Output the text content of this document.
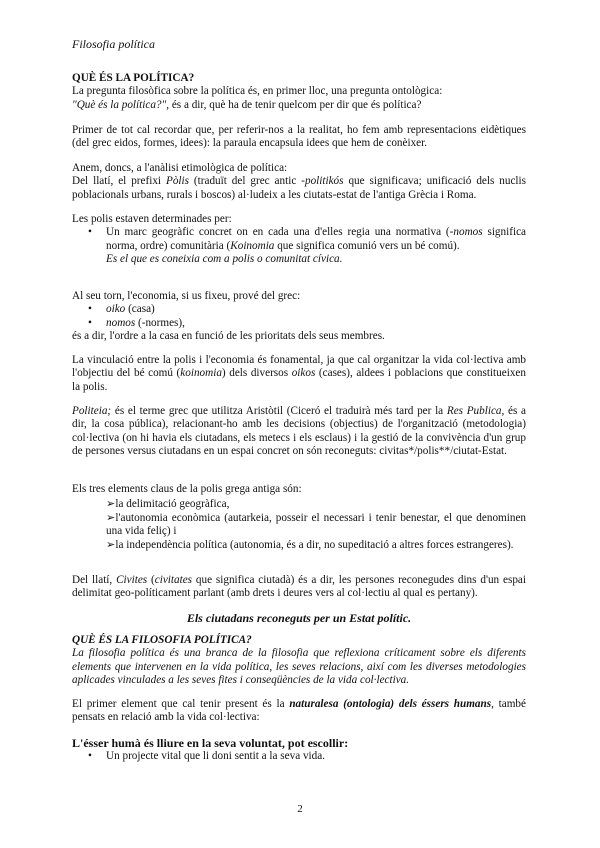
Filosofia política
QUÈ ÉS LA POLÍTICA?
La pregunta filosòfica sobre la política és, en primer lloc, una pregunta ontològica:
"Què és la política?", és a dir, què ha de tenir quelcom per dir que és política?
Primer de tot cal recordar que, per referir-nos a la realitat, ho fem amb representacions eidètiques (del grec eidos, formes, idees): la paraula encapsula idees que hem de conèixer.
Anem, doncs, a l'anàlisi etimològica de política:
Del llatí, el prefixi Pòlis (traduït del grec antic -politikós que significava; unificació dels nuclis poblacionals urbans, rurals i boscos) al·ludeix a les ciutats-estat de l'antiga Grècia i Roma.
Les polis estaven determinades per:
• Un marc geogràfic concret on en cada una d'elles regia una normativa (-nomos significa norma, ordre) comunitària (Koinomia que significa comunió vers un bé comú).
Es el que es coneixia com a polis o comunitat cívica.
Al seu torn, l'economia, si us fixeu, prové del grec:
• oiko (casa)
• nomos (-normes),
és a dir, l'ordre a la casa en funció de les prioritats dels seus membres.
La vinculació entre la polis i l'economia és fonamental, ja que cal organitzar la vida col·lectiva amb l'objectiu del bé comú (koinomia) dels diversos oikos (cases), aldees i poblacions que constitueixen la polis.
Politeia; és el terme grec que utilitza Aristòtil (Ciceró el traduirà més tard per la Res Publica, és a dir, la cosa pública), relacionant-ho amb les decisions (objectius) de l'organització (metodologia) col·lectiva (on hi havia els ciutadans, els metecs i els esclaus) i la gestió de la convivència d'un grup de persones versus ciutadans en un espai concret on són reconeguts: civitas*/polis**/ciutat-Estat.
Els tres elements claus de la polis grega antiga són:
➢la delimitació geogràfica,
➢l'autonomia econòmica (autarkeia, posseir el necessari i tenir benestar, el que denominen una vida feliç) i
➢la independència política (autonomia, és a dir, no supeditació a altres forces estrangeres).
Del llatí, Civites (civitates que significa ciutadà) és a dir, les persones reconegudes dins d'un espai delimitat geo-políticament parlant (amb drets i deures vers al col·lectiu al qual es pertany).
Els ciutadans reconeguts per un Estat polític.
QUÈ ÉS LA FILOSOFIA POLÍTICA?
La filosofia política és una branca de la filosofia que reflexiona críticament sobre els diferents elements que intervenen en la vida política, les seves relacions, així com les diverses metodologies aplicades vinculades a les seves fites i conseqüències de la vida col·lectiva.
El primer element que cal tenir present és la naturalesa (ontologia) dels éssers humans, també pensats en relació amb la vida col·lectiva:
L'ésser humà és lliure en la seva voluntat, pot escollir:
• Un projecte vital que li doni sentit a la seva vida.
2
